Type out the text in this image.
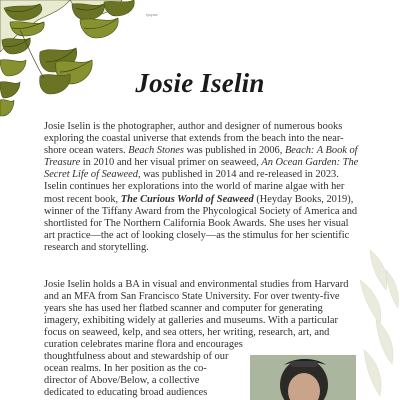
Iyupse
Josie Iselin

Josie Iselin is the photographer, author and designer of numerous books exploring the coastal universe that extends from the beach into the near-shore ocean waters. Beach Stones was published in 2006, Beach: A Book of Treasure in 2010 and her visual primer on seaweed, An Ocean Garden: The Secret Life of Seaweed, was published in 2014 and re-released in 2023. Iselin continues her explorations into the world of marine algae with her most recent book, The Curious World of Seaweed (Heyday Books, 2019), winner of the Tiffany Award from the Phycological Society of America and shortlisted for The Northern California Book Awards. She uses her visual art practice—the act of looking closely—as the stimulus for her scientific research and storytelling.

Josie Iselin holds a BA in visual and environmental studies from Harvard and an MFA from San Francisco State University. For over twenty-five years she has used her flatbed scanner and computer for generating imagery, exhibiting widely at galleries and museums. With a particular focus on seaweed, kelp, and sea otters, her writing, research, art, and curation celebrates marine flora and encourages

thoughtfulness about and stewardship of our ocean realms. In her position as the co-director of Above/Below, a collective dedicated to educating broad audiences
